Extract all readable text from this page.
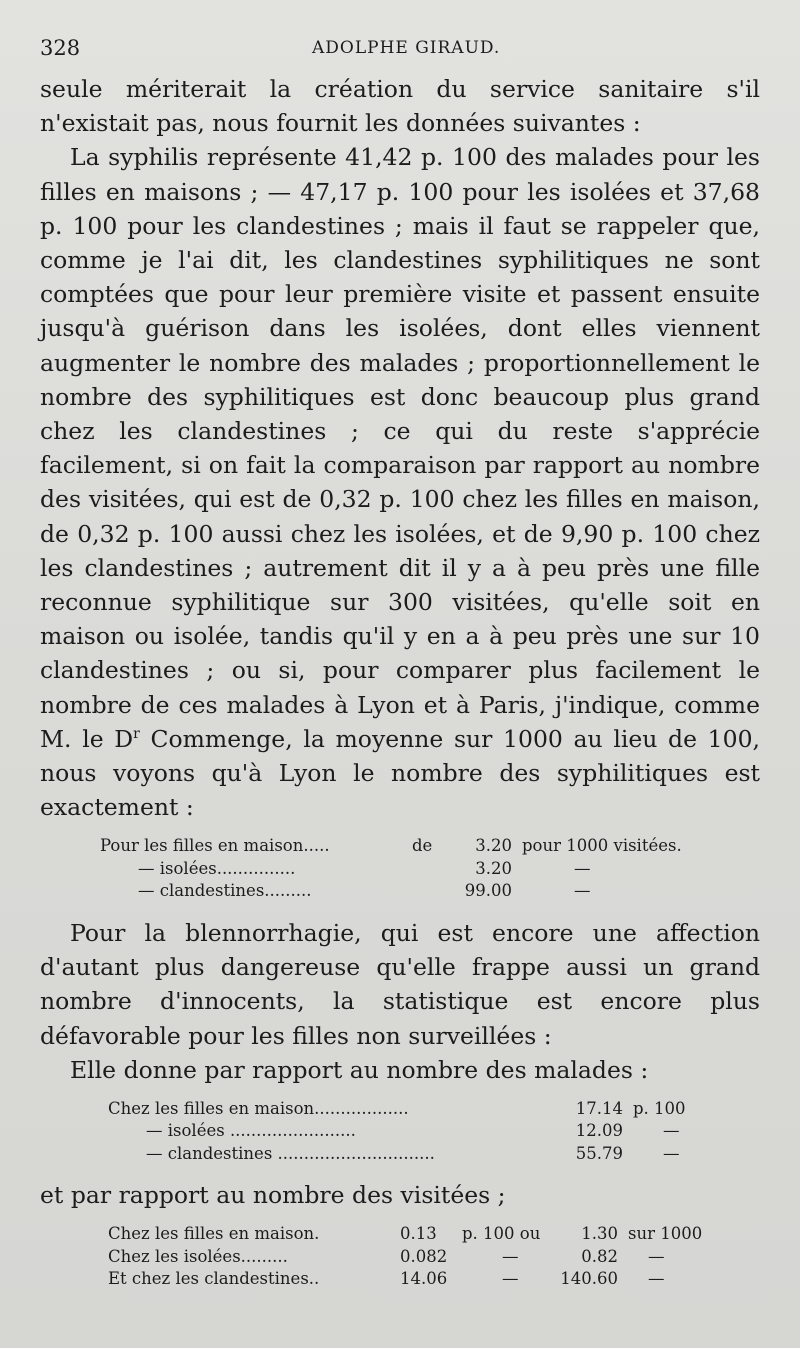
328	ADOLPHE GIRAUD.

seule mériterait la création du service sanitaire s'il n'existait pas, nous fournit les données suivantes :

La syphilis représente 41,42 p. 100 des malades pour les filles en maisons ; — 47,17 p. 100 pour les isolées et 37,68 p. 100 pour les clandestines ; mais il faut se rappeler que, comme je l'ai dit, les clandestines syphilitiques ne sont comptées que pour leur première visite et passent ensuite jusqu'à guérison dans les isolées, dont elles viennent augmenter le nombre des malades ; proportionnellement le nombre des syphilitiques est donc beaucoup plus grand chez les clandestines ; ce qui du reste s'apprécie facilement, si on fait la comparaison par rapport au nombre des visitées, qui est de 0,32 p. 100 chez les filles en maison, de 0,32 p. 100 aussi chez les isolées, et de 9,90 p. 100 chez les clandestines ; autrement dit il y a à peu près une fille reconnue syphilitique sur 300 visitées, qu'elle soit en maison ou isolée, tandis qu'il y en a à peu près une sur 10 clandestines ; ou si, pour comparer plus facilement le nombre de ces malades à Lyon et à Paris, j'indique, comme M. le $D^r$ Commenge, la moyenne sur 1000 au lieu de 100, nous voyons qu'à Lyon le nombre des syphilitiques est exactement :

Pour les filles en maison.....	de	3.20	pour 1000 visitées.
— isolées...............		3.20	—
— clandestines.........		99.00	—

Pour la blennorrhagie, qui est encore une affection d'autant plus dangereuse qu'elle frappe aussi un grand nombre d'innocents, la statistique est encore plus défavorable pour les filles non surveillées :

Elle donne par rapport au nombre des malades :

Chez les filles en maison..................	17.14	p. 100
— isolées ........................	12.09	—
— clandestines ..............................	55.79	—

et par rapport au nombre des visitées ;

Chez les filles en maison.	0.13	p. 100 ou	1.30	sur 1000
Chez les isolées.........	0.082	—	0.82	—
Et chez les clandestines..	14.06	—	140.60	—
